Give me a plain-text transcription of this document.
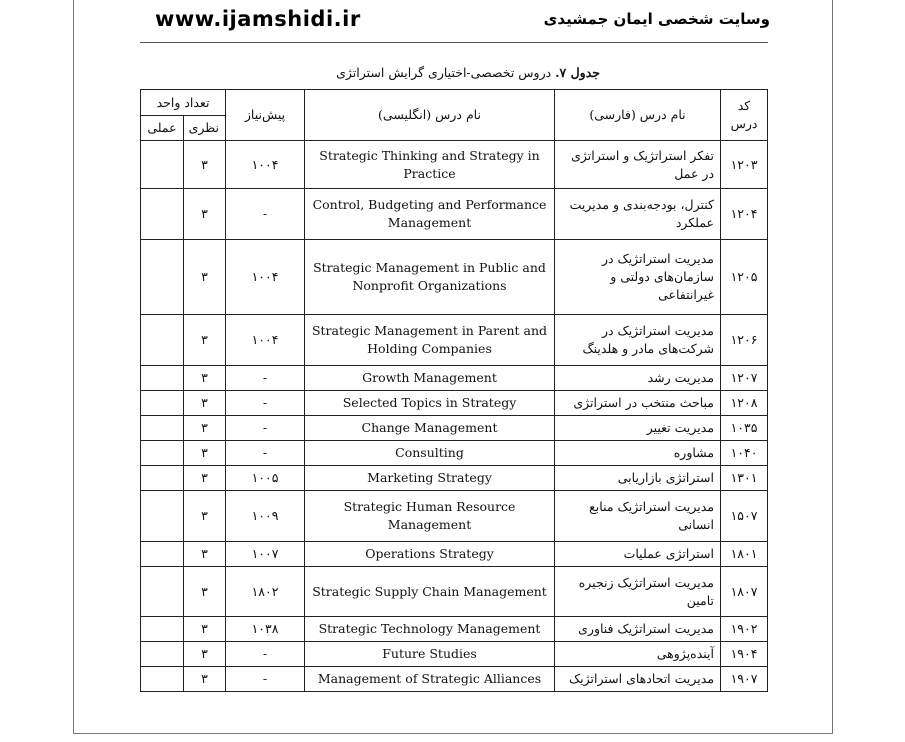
www.ijamshidi.ir	وسایت شخصی ایمان جمشیدی
جدول ۷. دروس تخصصی-اختیاری گرایش استراتژی
تعداد واحد		پیش‌نیاز	نام درس (انگلیسی)	نام درس (فارسی)	کد درس
عملی	نظری				
	۳	۱۰۰۴	Strategic Thinking and Strategy in Practice	تفکر استراتژیک و استراتژی در عمل	۱۲۰۳
	۳	-	Control, Budgeting and Performance Management	کنترل، بودجه‌بندی و مدیریت عملکرد	۱۲۰۴
	۳	۱۰۰۴	Strategic Management in Public and Nonprofit Organizations	مدیریت استراتژیک در سازمان‌های دولتی و غیرانتفاعی	۱۲۰۵
	۳	۱۰۰۴	Strategic Management in Parent and Holding Companies	مدیریت استراتژیک در شرکت‌های مادر و هلدینگ	۱۲۰۶
	۳	-	Growth Management	مدیریت رشد	۱۲۰۷
	۳	-	Selected Topics in Strategy	مباحث منتخب در استراتژی	۱۲۰۸
	۳	-	Change Management	مدیریت تغییر	۱۰۳۵
	۳	-	Consulting	مشاوره	۱۰۴۰
	۳	۱۰۰۵	Marketing Strategy	استراتژی بازاریابی	۱۳۰۱
	۳	۱۰۰۹	Strategic Human Resource Management	مدیریت استراتژیک منابع انسانی	۱۵۰۷
	۳	۱۰۰۷	Operations Strategy	استراتژی عملیات	۱۸۰۱
	۳	۱۸۰۲	Strategic Supply Chain Management	مدیریت استراتژیک زنجیره تامین	۱۸۰۷
	۳	۱۰۳۸	Strategic Technology Management	مدیریت استراتژیک فناوری	۱۹۰۲
	۳	-	Future Studies	آینده‌پژوهی	۱۹۰۴
	۳	-	Management of Strategic Alliances	مدیریت اتحادهای استراتژیک	۱۹۰۷
